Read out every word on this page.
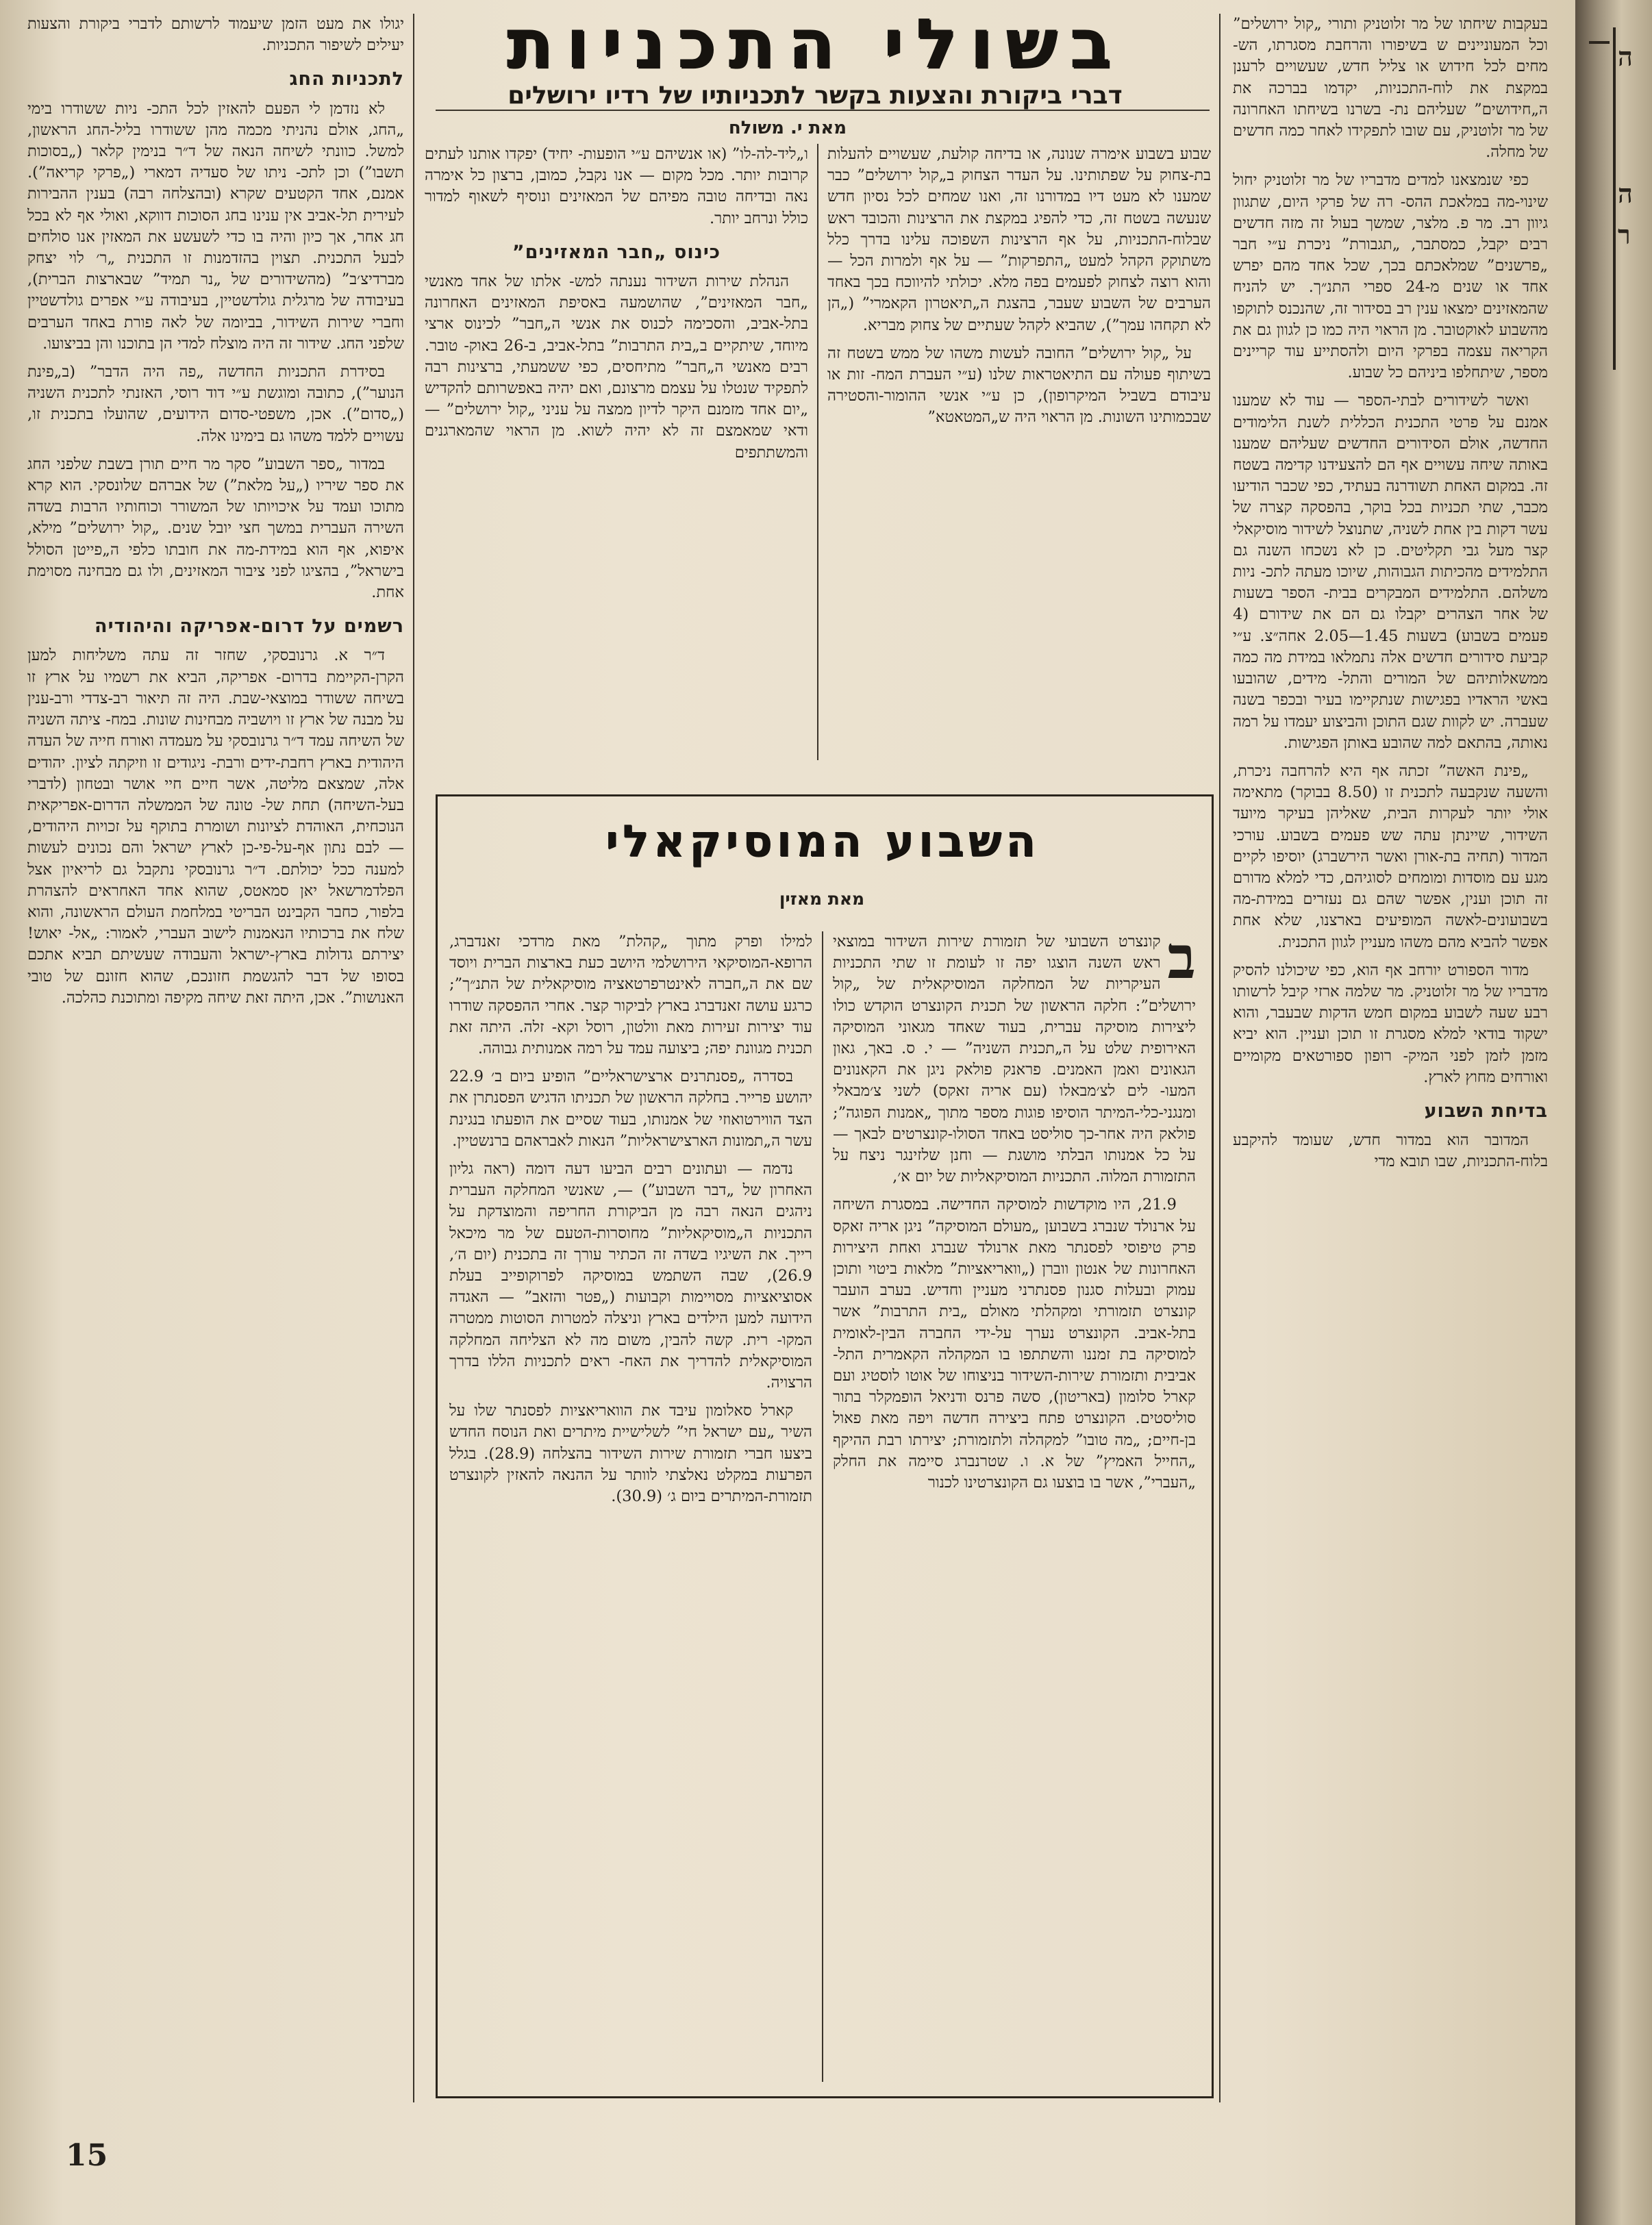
ה
ה
ר
בשולי התכניות
דברי ביקורת והצעות בקשר לתכניותיו של רדיו ירושלים
מאת י. משולח

בעקבות שיחתו של מר זלוטניק ותורי „קול ירושלים” וכל המעוניינים ש בשיפורו והרחבת מסגרתו, הש- מחים לכל חידוש או צליל חדש, שעשויים לרענן במקצת את לוח-התכניות, יקדמו בברכה את ה„חידושים” שעליהם נת- בשרנו בשיחתו האחרונה של מר זלוטניק, עם שובו לתפקידו לאחר כמה חדשים של מחלה.

כפי שנמצאנו למדים מדבריו של מר זלוטניק יחול שינוי-מה במלאכת ההס- רה של פרקי היום, שתגוון גיוון רב. מר פ. מלצר, שמשך בעול זה מזה חדשים רבים יקבל, כמסתבר, „תגבורת” ניכרת ע״י חבר „פרשנים” שמלאכתם בכך, שכל אחד מהם יפרש אחד או שנים מ-24 ספרי התנ״ך. יש להניח שהמאזינים ימצאו ענין רב בסידור זה, שהנכנס לתוקפו מהשבוע לאוקטובר. מן הראוי היה כמו כן לגוון גם את הקריאה עצמה בפרקי היום ולהסתייע עוד קריינים מספר, שיתחלפו ביניהם כל שבוע.

ואשר לשידורים לבתי-הספר — עוד לא שמענו אמנם על פרטי התכנית הכללית לשנת הלימודים החדשה, אולם הסידורים החדשים שעליהם שמענו באותה שיחה עשויים אף הם להצעידנו קדימה בשטח זה. במקום האחת תשודרנה בעתיד, כפי שכבר הודיעו מכבר, שתי תכניות בכל בוקר, בהפסקה קצרה של עשר דקות בין אחת לשניה, שתנוצל לשידור מוסיקאלי קצר מעל גבי תקליטים. כן לא נשכחו השנה גם התלמידים מהכיתות הגבוהות, שיוכו מעתה לתכ- ניות משלהם. התלמידים המבקרים בבית- הספר בשעות של אחר הצהרים יקבלו גם הם את שידורם (4 פעמים בשבוע) בשעות 1.45—2.05 אחה״צ. ע״י קביעת סידורים חדשים אלה נתמלאו במידת מה כמה ממשאלותיהם של המורים והתל- מידים, שהובעו באשי הראדיו בפגישות שנתקיימו בעיר ובכפר בשנה שעברה. יש לקוות שגם התוכן והביצוע יעמדו על רמה נאותה, בהתאם למה שהובע באותן הפגישות.

„פינת האשה” זכתה אף היא להרחבה ניכרת, והשעה שנקבעה לתכנית זו (8.50 בבוקר) מתאימה אולי יותר לעקרות הבית, שאליהן בעיקר מיועד השידור, שיינתן עתה שש פעמים בשבוע. עורכי המדור (תחיה בת-אורן ואשר הירשברג) יוסיפו לקיים מגע עם מוסדות ומומחים לסוגיהם, כדי למלא מדורם זה תוכן וענין, אפשר שהם גם נעזרים במידת-מה בשבועונים-לאשה המופיעים בארצנו, שלא אחת אפשר להביא מהם משהו מעניין לגוון התכנית.

מדור הספורט יורחב אף הוא, כפי שיכולנו להסיק מדבריו של מר זלוטניק. מר שלמה ארזי קיבל לרשותו רבע שעה לשבוע במקום חמש הדקות שבעבר, והוא ישקוד בודאי למלא מסגרת זו תוכן ועניין. הוא יביא מזמן לזמן לפני המיק- רופון ספורטאים מקומיים ואורחים מחוץ לארץ.

בדיחת השבוע

המדובר הוא במדור חדש, שעומד להיקבע בלוח-התכניות, שבו תובא מדי

שבוע בשבוע אימרה שנונה, או בדיחה קולעת, שעשויים להעלות בת-צחוק על שפתותינו. על העדר הצחוק ב„קול ירושלים” כבר שמענו לא מעט דיו במדורנו זה, ואנו שמחים לכל נסיון חדש שנעשה בשטח זה, כדי להפיג במקצת את הרצינות והכובד ראש שבלוח-התכניות, על אף הרצינות השפוכה עלינו בדרך כלל משתוקק הקהל למעט „התפרקות” — על אף ולמרות הכל — והוא רוצה לצחוק לפעמים בפה מלא. יכולתי להיווכח בכך באחד הערבים של השבוע שעבר, בהצגת ה„תיאטרון הקאמרי” („הן לא תקחהו עמך”), שהביא לקהל שעתיים של צחוק מבריא.

על „קול ירושלים” החובה לעשות משהו של ממש בשטח זה בשיתוף פעולה עם התיאטראות שלנו (ע״י העברת המח- זות או עיבודם בשביל המיקרופון), כן ע״י אנשי ההומור-והסטירה שבכמותינו השונות. מן הראוי היה ש„המטאטא”

ו„ליד-לה-לו” (או אנשיהם ע״י הופעות- יחיד) יפקדו אותנו לעתים קרובות יותר. מכל מקום — אנו נקבל, כמובן, ברצון כל אימרה נאה ובדיחה טובה מפיהם של המאזינים ונוסיף לשאוף למדור כולל ונרחב יותר.

כינוס „חבר המאזינים”

הנהלת שירות השידור נענתה למש- אלתו של אחד מאנשי „חבר המאזינים”, שהושמעה באסיפת המאזינים האחרונה בתל-אביב, והסכימה לכנוס את אנשי ה„חבר” לכינוס ארצי מיוחד, שיתקיים ב„בית התרבות” בתל-אביב, ב-26 באוק- טובר. רבים מאנשי ה„חבר” מתיחסים, כפי ששמעתי, ברצינות רבה לתפקיד שנטלו על עצמם מרצונם, ואם יהיה באפשרותם להקדיש „יום אחד מזמנם היקר לדיון ממצה על עניני „קול ירושלים” — ודאי שמאמצם זה לא יהיה לשוא. מן הראוי שהמארגנים והמשתתפים

השבוע המוסיקאלי
מאת מאזין

ב
קונצרט השבועי של תזמורת שירות השידור במוצאי ראש השנה הוצגו יפה זו לעומת זו שתי התכניות העיקריות של המחלקה המוסיקאלית של „קול ירושלים”: חלקה הראשון של תכנית הקונצרט הוקדש כולו ליצירות מוסיקה עברית, בעוד שאחד מגאוני המוסיקה האירופית שלט על ה„תכנית השניה” — י. ס. באך, גאון הגאונים ואמן האמנים. פראנק פולאק ניגן את הקאנונים המעו- לים לצ׳מבאלו (עם אריה זאקס) לשני צ׳מבאלי ומנגני-כלי-המיתר הוסיפו פוגות מספר מתוך „אמנות הפוגה”; פולאק היה אחר-כך סוליסט באחד הסולו-קונצרטים לבאך — על כל אמנותו הבלתי מושגת — וחנן שלזינגר ניצח על התזמורת המלוה. התכניות המוסיקאליות של יום א׳,

21.9, היו מוקדשות למוסיקה החדישה. במסגרת השיחה על ארנולד שנברג בשבוען „מעולם המוסיקה” ניגן אריה זאקס פרק טיפוסי לפסנתר מאת ארנולד שנברג ואחת היצירות האחרונות של אנטון ווברן („וואריאציות” מלאות ביטוי ותוכן עמוק ובעלות סגנון פסנתרני מעניין וחדיש. בערב הועבר קונצרט תזמורתי ומקהלתי מאולם „בית התרבות” אשר בתל-אביב. הקונצרט נערך על-ידי החברה הבין-לאומית למוסיקה בת זמננו והשתתפו בו המקהלה הקאמרית התל- אביבית ותזמורת שירות-השידור בניצוחו של אוטו לוסטיג ועם קארל סלומון (באריטון), סשה פרנס ודניאל הופמקלר בתור סוליסטים. הקונצרט פתח ביצירה חדשה ויפה מאת פאול בן-חיים; „מה טובו” למקהלה ולתזמורת; יצירתו רבת ההיקף „החייל האמיץ” של א. ו. שטרנברג סיימה את החלק „העברי”, אשר בו בוצעו גם הקונצרטינו לכנור

למילו ופרק מתוך „קהלת” מאת מרדכי זאנדברג, הרופא-המוסיקאי הירושלמי היושב כעת בארצות הברית ויוסד שם את ה„חברה לאינטרפרטאציה מוסיקאלית של התנ״ך”; כרגע עושה זאנדברג בארץ לביקור קצר. אחרי ההפסקה שודרו עוד יצירות זעירות מאת וולטון, רוסל וקא- זלה. היתה זאת תכנית מגוונת יפה; ביצועה עמד על רמה אמנותית גבוהה.

בסדרה „פסנתרנים ארצישראליים” הופיע ביום ב׳ 22.9 יהושע פרייר. בחלקה הראשון של תכניתו הדגיש הפסנתרן את הצד הווירטואוזי של אמנותו, בעוד שסיים את הופעתו בנגינת עשר ה„תמונות הארצישראליות” הנאות לאבראהם ברנשטיין.

נדמה — ועתונים רבים הביעו דעה דומה (ראה גליון האחרון של „דבר השבוע”) —, שאנשי המחלקה העברית ניהגים הנאה רבה מן הביקורת החריפה והמוצדקת על התכניות ה„מוסיקאליות” מחוסרות-הטעם של מר מיכאל רייך. את השיגיו בשדה זה הכתיר עורך זה בתכנית (יום ה׳, 26.9), שבה השתמש במוסיקה לפרוקופייב בעלת אסוציאציות מסויימות וקבועות („פטר והזאב” — האגדה הידועה למען הילדים בארץ וניצלה למטרות הסוטות ממטרה המקו- רית. קשה להבין, משום מה לא הצליחה המחלקה המוסיקאלית להדריך את האח- ראים לתכניות הללו בדרך הרצויה.

קארל סאלומון עיבד את הוואריאציות לפסנתר שלו על השיר „עם ישראל חי” לשלישיית מיתרים ואת הנוסח החדש ביצעו חברי תזמורת שירות השידור בהצלחה (28.9). בגלל הפרעות במקלט נאלצתי לוותר על ההנאה להאזין לקונצרט תזמורת-המיתרים ביום ג׳ (30.9).

יגולו את מעט הזמן שיעמוד לרשותם לדברי ביקורת והצעות יעילים לשיפור התכניות.

לתכניות החג

לא נזדמן לי הפעם להאזין לכל התכ- ניות ששודרו בימי „החג, אולם נהניתי מכמה מהן ששודרו בליל-החג הראשון, למשל. כוונתי לשיחה הנאה של ד״ר בנימין קלאר („בסוכות תשבו”) וכן לתכ- ניתו של סעדיה דמארי („פרקי קריאה”). אמנם, אחד הקטעים שקרא (ובהצלחה רבה) בענין ההבירות לעירית תל-אביב אין ענינו בחג הסוכות דווקא, ואולי אף לא בכל חג אחר, אך כיון והיה בו כדי לשעשע את המאזין אנו סולחים לבעל התכנית. תצוין בהזדמנות זו התכנית „ר׳ לוי יצחק מברדיצ׳ב” (מהשידורים של „נר תמיד” שבארצות הברית), בעיבודה של מרגלית גולדשטיין, בעיבודה ע״י אפרים גולדשטיין וחברי שירות השידור, בביומה של לאה פורת באחד הערבים שלפני החג. שידור זה היה מוצלח למדי הן בתוכנו והן בביצועו.

בסידרת התכניות החדשה „פה היה הדבר” (ב„פינת הנוער”), כתובה ומוגשת ע״י דוד רוסי, האזנתי לתכנית השניה („סדום”). אכן, משפטי-סדום הידועים, שהועלו בתכנית זו, עשויים ללמד משהו גם בימינו אלה.

במדור „ספר השבוע” סקר מר חיים תורן בשבת שלפני החג את ספר שיריו („על מלאת”) של אברהם שלונסקי. הוא קרא מתוכו ועמד על איכויותו של המשורר וכוחותיו הרבות בשדה השירה העברית במשך חצי יובל שנים. „קול ירושלים” מילא, איפוא, אף הוא במידת-מה את חובתו כלפי ה„פייטן הסולל בישראל”, בהציגו לפני ציבור המאזינים, ולו גם מבחינה מסוימת אחת.

רשמים על דרום-אפריקה והיהודיה

ד״ר א. גרנובסקי, שחזר זה עתה משליחות למען הקרן-הקיימת בדרום- אפריקה, הביא את רשמיו על ארץ זו בשיחה ששודר במוצאי-שבת. היה זה תיאור רב-צדדי ורב-ענין על מבנה של ארץ זו ויושביה מבחינות שונות. במח- ציתה השניה של השיחה עמד ד״ר גרנובסקי על מעמדה ואורח חייה של העדה היהודית בארץ רחבת-ידים ורבת- ניגודים זו וזיקתה לציון. יהודים אלה, שמצאם מליטה, אשר חיים חיי אושר ובטחון (לדברי בעל-השיחה) תחת של- טונה של הממשלה הדרום-אפריקאית הנוכחית, האוהדת לציונות ושומרת בתוקף על זכויות היהודים, — לבם נתון אף-על-פי-כן לארץ ישראל והם נכונים לעשות למענה ככל יכולתם. ד״ר גרנובסקי נתקבל גם לריאיון אצל הפלדמרשאל יאן סמאטס, שהוא אחד האחראים להצהרת בלפור, כחבר הקבינט הבריטי במלחמת העולם הראשונה, והוא שלח את ברכותיו הנאמנות לישוב העברי, לאמור: „אל- יאוש! יצירתם גדולות בארץ-ישראל והעבודה שעשיתם תביא אתכם בסופו של דבר להגשמת חזונכם, שהוא חזונם של טובי האנושות”. אכן, היתה זאת שיחה מקיפה ומתוכנת כהלכה.

15
